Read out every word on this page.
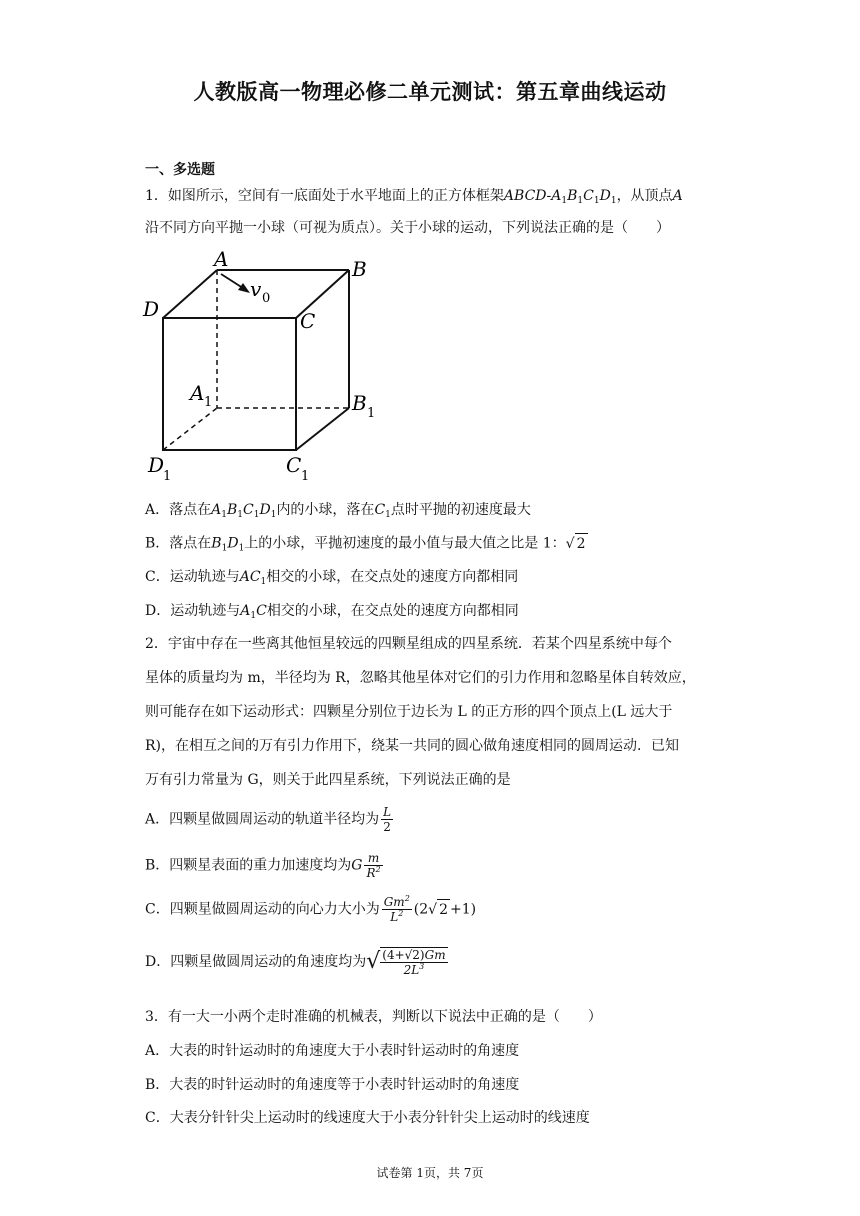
人教版高一物理必修二单元测试：第五章曲线运动
一、多选题
1．如图所示，空间有一底面处于水平地面上的正方体框架ABCD-$A_1B_1C_1D_1$，从顶点A
沿不同方向平抛一小球（可视为质点）。关于小球的运动，下列说法正确的是（　　）
A	B
C
D
v 0
A 1	B 1
D
1	C 1
A．落点在$A_1B_1C_1D_1$内的小球，落在$C_1$点时平抛的初速度最大
B．落点在$B_1D_1$上的小球，平抛初速度的最小值与最大值之比是 1：√ 2
C．运动轨迹与$AC_1$相交的小球，在交点处的速度方向都相同
D．运动轨迹与$A_1C$相交的小球，在交点处的速度方向都相同
2．宇宙中存在一些离其他恒星较远的四颗星组成的四星系统．若某个四星系统中每个
星体的质量均为 m，半径均为 R，忽略其他星体对它们的引力作用和忽略星体自转效应，
则可能存在如下运动形式：四颗星分别位于边长为 L 的正方形的四个顶点上(L 远大于
R)，在相互之间的万有引力作用下，绕某一共同的圆心做角速度相同的圆周运动．已知
万有引力常量为 G，则关于此四星系统，下列说法正确的是
A．四颗星做圆周运动的轨道半径均为 $\frac{L}{2}$
B．四颗星表面的重力加速度均为G $\frac{m}{R^2}$
C．四颗星做圆周运动的向心力大小为 $\frac{Gm^2}{L^2} (2√$ 2 +1)
D．四颗星做圆周运动的角速度均为√ $\frac{(4+√2)Gm}{2L^3}$
3．有一大一小两个走时准确的机械表，判断以下说法中正确的是（　　）
A．大表的时针运动时的角速度大于小表时针运动时的角速度
B．大表的时针运动时的角速度等于小表时针运动时的角速度
C．大表分针针尖上运动时的线速度大于小表分针针尖上运动时的线速度
试卷第 1页，共 7页
